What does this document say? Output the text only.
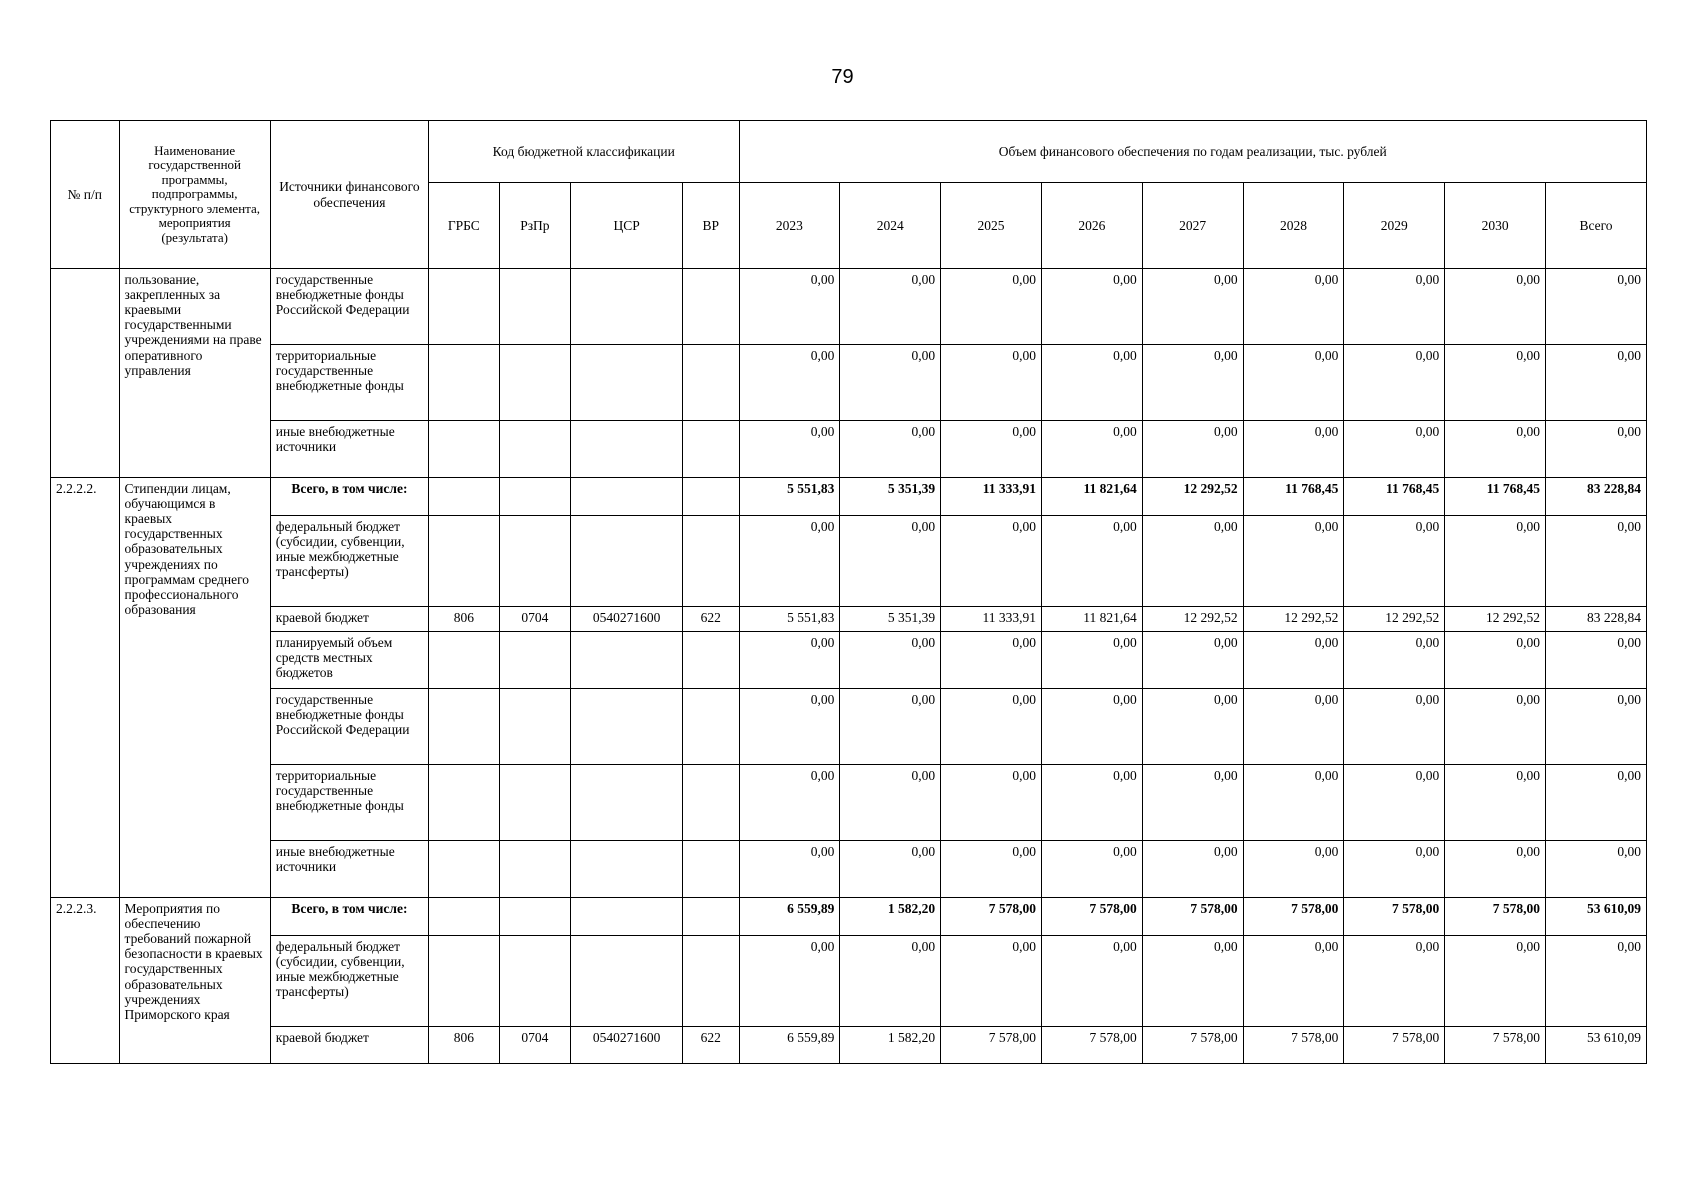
79
№ п/п	Наименование государственной программы, подпрограммы, структурного элемента, мероприятия (результата)	Источники финансового обеспечения	Код бюджетной классификации				Объем финансового обеспечения по годам реализации, тыс. рублей								
			ГРБС	РзПр	ЦСР	ВР	2023	2024	2025	2026	2027	2028	2029	2030	Всего
	пользование, закрепленных за краевыми государственными учреждениями на праве оперативного управления	государственные внебюджетные фонды Российской Федерации					0,00	0,00	0,00	0,00	0,00	0,00	0,00	0,00	0,00
		территориальные государственные внебюджетные фонды					0,00	0,00	0,00	0,00	0,00	0,00	0,00	0,00	0,00
		иные внебюджетные источники					0,00	0,00	0,00	0,00	0,00	0,00	0,00	0,00	0,00
2.2.2.2.	Стипендии лицам, обучающимся в краевых государственных образовательных учреждениях по программам среднего профессионального образования	Всего, в том числе:					5 551,83	5 351,39	11 333,91	11 821,64	12 292,52	11 768,45	11 768,45	11 768,45	83 228,84
		федеральный бюджет (субсидии, субвенции, иные межбюджетные трансферты)					0,00	0,00	0,00	0,00	0,00	0,00	0,00	0,00	0,00
		краевой бюджет	806	0704	0540271600	622	5 551,83	5 351,39	11 333,91	11 821,64	12 292,52	12 292,52	12 292,52	12 292,52	83 228,84
		планируемый объем средств местных бюджетов					0,00	0,00	0,00	0,00	0,00	0,00	0,00	0,00	0,00
		государственные внебюджетные фонды Российской Федерации					0,00	0,00	0,00	0,00	0,00	0,00	0,00	0,00	0,00
		территориальные государственные внебюджетные фонды					0,00	0,00	0,00	0,00	0,00	0,00	0,00	0,00	0,00
		иные внебюджетные источники					0,00	0,00	0,00	0,00	0,00	0,00	0,00	0,00	0,00
2.2.2.3.	Мероприятия по обеспечению требований пожарной безопасности в краевых государственных образовательных учреждениях Приморского края	Всего, в том числе:					6 559,89	1 582,20	7 578,00	7 578,00	7 578,00	7 578,00	7 578,00	7 578,00	53 610,09
		федеральный бюджет (субсидии, субвенции, иные межбюджетные трансферты)					0,00	0,00	0,00	0,00	0,00	0,00	0,00	0,00	0,00
		краевой бюджет	806	0704	0540271600	622	6 559,89	1 582,20	7 578,00	7 578,00	7 578,00	7 578,00	7 578,00	7 578,00	53 610,09
